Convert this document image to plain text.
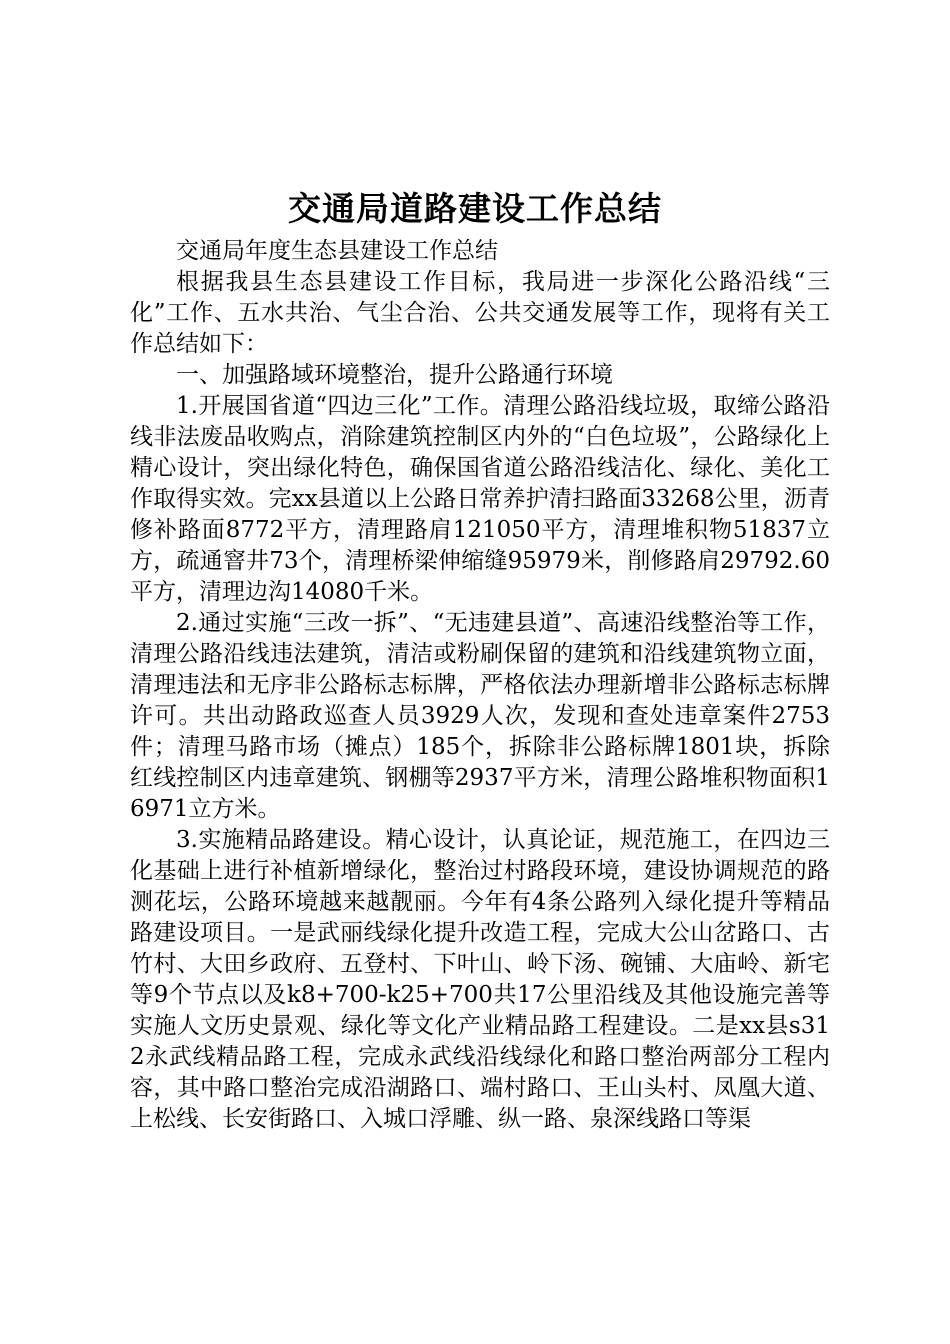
交通局道路建设工作总结

交通局年度生态县建设工作总结

根据我县生态县建设工作目标，我局进一步深化公路沿线“三化”工作、五水共治、气尘合治、公共交通发展等工作，现将有关工作总结如下：

一、加强路域环境整治，提升公路通行环境

1.开展国省道“四边三化”工作。清理公路沿线垃圾，取缔公路沿线非法废品收购点，消除建筑控制区内外的“白色垃圾”，公路绿化上精心设计，突出绿化特色，确保国省道公路沿线洁化、绿化、美化工作取得实效。完xx县道以上公路日常养护清扫路面33268公里，沥青修补路面8772平方，清理路肩121050平方，清理堆积物51837立方，疏通窨井73个，清理桥梁伸缩缝95979米，削修路肩29792.60平方，清理边沟14080千米。

2.通过实施“三改一拆”、“无违建县道”、高速沿线整治等工作，清理公路沿线违法建筑，清洁或粉刷保留的建筑和沿线建筑物立面，清理违法和无序非公路标志标牌，严格依法办理新增非公路标志标牌许可。共出动路政巡查人员3929人次，发现和查处违章案件2753件；清理马路市场（摊点）185个，拆除非公路标牌1801块，拆除红线控制区内违章建筑、钢棚等2937平方米，清理公路堆积物面积16971立方米。

3.实施精品路建设。精心设计，认真论证，规范施工，在四边三化基础上进行补植新增绿化，整治过村路段环境，建设协调规范的路测花坛，公路环境越来越靓丽。今年有4条公路列入绿化提升等精品路建设项目。一是武丽线绿化提升改造工程，完成大公山岔路口、古竹村、大田乡政府、五登村、下叶山、岭下汤、碗铺、大庙岭、新宅等9个节点以及k8+700-k25+700共17公里沿线及其他设施完善等实施人文历史景观、绿化等文化产业精品路工程建设。二是xx县s312永武线精品路工程，完成永武线沿线绿化和路口整治两部分工程内容，其中路口整治完成沿湖路口、端村路口、王山头村、凤凰大道、上松线、长安街路口、入城口浮雕、纵一路、泉深线路口等渠
